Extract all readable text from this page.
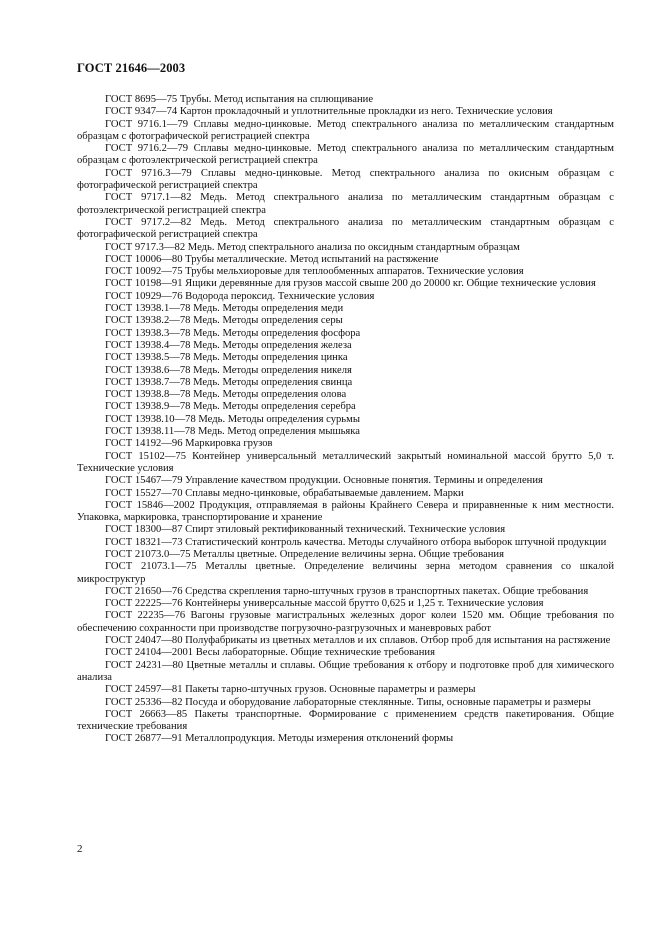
ГОСТ 21646—2003

ГОСТ 8695—75 Трубы. Метод испытания на сплющивание

ГОСТ 9347—74 Картон прокладочный и уплотнительные прокладки из него. Технические условия

ГОСТ 9716.1—79 Сплавы медно-цинковые. Метод спектрального анализа по металлическим стандартным образцам с фотографической регистрацией спектра

ГОСТ 9716.2—79 Сплавы медно-цинковые. Метод спектрального анализа по металлическим стандартным образцам с фотоэлектрической регистрацией спектра

ГОСТ 9716.3—79 Сплавы медно-цинковые. Метод спектрального анализа по окисным образцам с фотографической регистрацией спектра

ГОСТ 9717.1—82 Медь. Метод спектрального анализа по металлическим стандартным образцам с фотоэлектрической регистрацией спектра

ГОСТ 9717.2—82 Медь. Метод спектрального анализа по металлическим стандартным образцам с фотографической регистрацией спектра

ГОСТ 9717.3—82 Медь. Метод спектрального анализа по оксидным стандартным образцам

ГОСТ 10006—80 Трубы металлические. Метод испытаний на растяжение

ГОСТ 10092—75 Трубы мельхиоровые для теплообменных аппаратов. Технические условия

ГОСТ 10198—91 Ящики деревянные для грузов массой свыше 200 до 20000 кг. Общие технические условия

ГОСТ 10929—76 Водорода пероксид. Технические условия

ГОСТ 13938.1—78 Медь. Методы определения меди

ГОСТ 13938.2—78 Медь. Методы определения серы

ГОСТ 13938.3—78 Медь. Методы определения фосфора

ГОСТ 13938.4—78 Медь. Методы определения железа

ГОСТ 13938.5—78 Медь. Методы определения цинка

ГОСТ 13938.6—78 Медь. Методы определения никеля

ГОСТ 13938.7—78 Медь. Методы определения свинца

ГОСТ 13938.8—78 Медь. Методы определения олова

ГОСТ 13938.9—78 Медь. Методы определения серебра

ГОСТ 13938.10—78 Медь. Методы определения сурьмы

ГОСТ 13938.11—78 Медь. Метод определения мышьяка

ГОСТ 14192—96 Маркировка грузов

ГОСТ 15102—75 Контейнер универсальный металлический закрытый номинальной массой брутто 5,0 т. Технические условия

ГОСТ 15467—79 Управление качеством продукции. Основные понятия. Термины и определения

ГОСТ 15527—70 Сплавы медно-цинковые, обрабатываемые давлением. Марки

ГОСТ 15846—2002 Продукция, отправляемая в районы Крайнего Севера и приравненные к ним местности. Упаковка, маркировка, транспортирование и хранение

ГОСТ 18300—87 Спирт этиловый ректификованный технический. Технические условия

ГОСТ 18321—73 Статистический контроль качества. Методы случайного отбора выборок штучной продукции

ГОСТ 21073.0—75 Металлы цветные. Определение величины зерна. Общие требования

ГОСТ 21073.1—75 Металлы цветные. Определение величины зерна методом сравнения со шкалой микроструктур

ГОСТ 21650—76 Средства скрепления тарно-штучных грузов в транспортных пакетах. Общие требования

ГОСТ 22225—76 Контейнеры универсальные массой брутто 0,625 и 1,25 т. Технические условия

ГОСТ 22235—76 Вагоны грузовые магистральных железных дорог колеи 1520 мм. Общие требования по обеспечению сохранности при производстве погрузочно-разгрузочных и маневровых работ

ГОСТ 24047—80 Полуфабрикаты из цветных металлов и их сплавов. Отбор проб для испытания на растяжение

ГОСТ 24104—2001 Весы лабораторные. Общие технические требования

ГОСТ 24231—80 Цветные металлы и сплавы. Общие требования к отбору и подготовке проб для химического анализа

ГОСТ 24597—81 Пакеты тарно-штучных грузов. Основные параметры и размеры

ГОСТ 25336—82 Посуда и оборудование лабораторные стеклянные. Типы, основные параметры и размеры

ГОСТ 26663—85 Пакеты транспортные. Формирование с применением средств пакетирования. Общие технические требования

ГОСТ 26877—91 Металлопродукция. Методы измерения отклонений формы

2
